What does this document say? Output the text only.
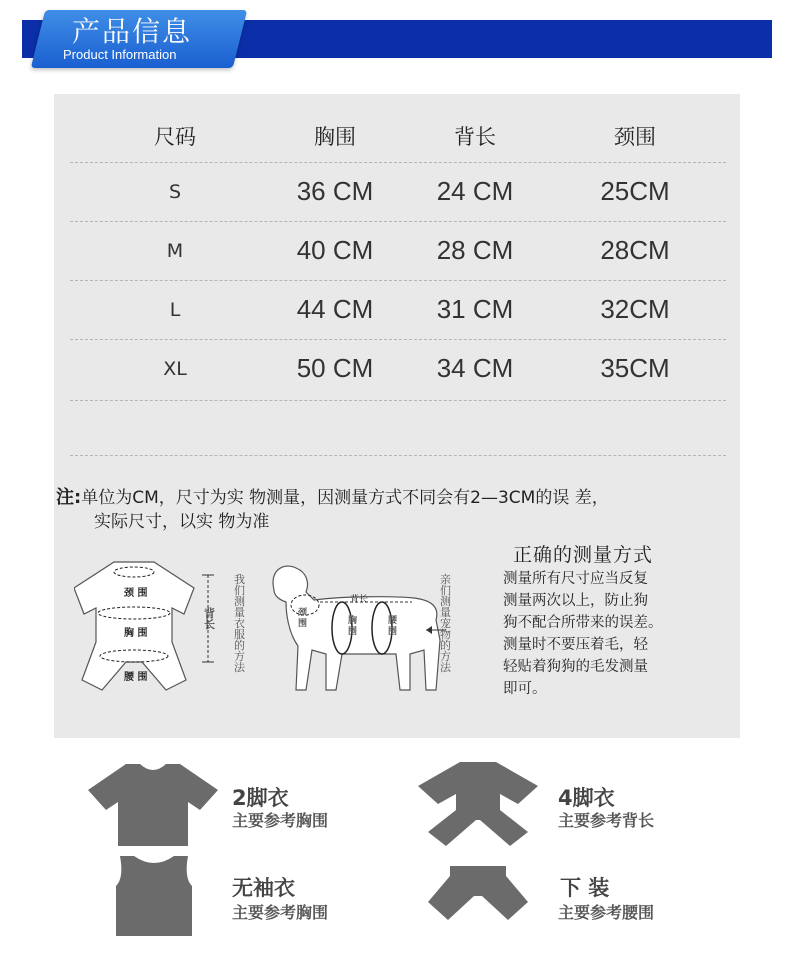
产品信息
Product Information
尺码	胸围	背长	颈围
S	36 CM	24 CM	25CM
M	40 CM	28 CM	28CM
L	44 CM	31 CM	32CM
XL	50 CM	34 CM	35CM
注:单位为CM，尺寸为实 物测量，因测量方式不同会有2—3CM的误 差，
实际尺寸，以实 物为准
颈 围
胸 围
腰 围
背长
我们测量衣服的方法
背长
颈围	胸围
腰围
亲们测量宠物的方法
正确的测量方式
测量所有尺寸应当反复
测量两次以上，防止狗
狗不配合所带来的误差。
测量时不要压着毛，轻
轻贴着狗狗的毛发测量
即可。
2脚衣
主要参考胸围
4脚衣
主要参考背长
无袖衣
主要参考胸围
下 装
主要参考腰围
